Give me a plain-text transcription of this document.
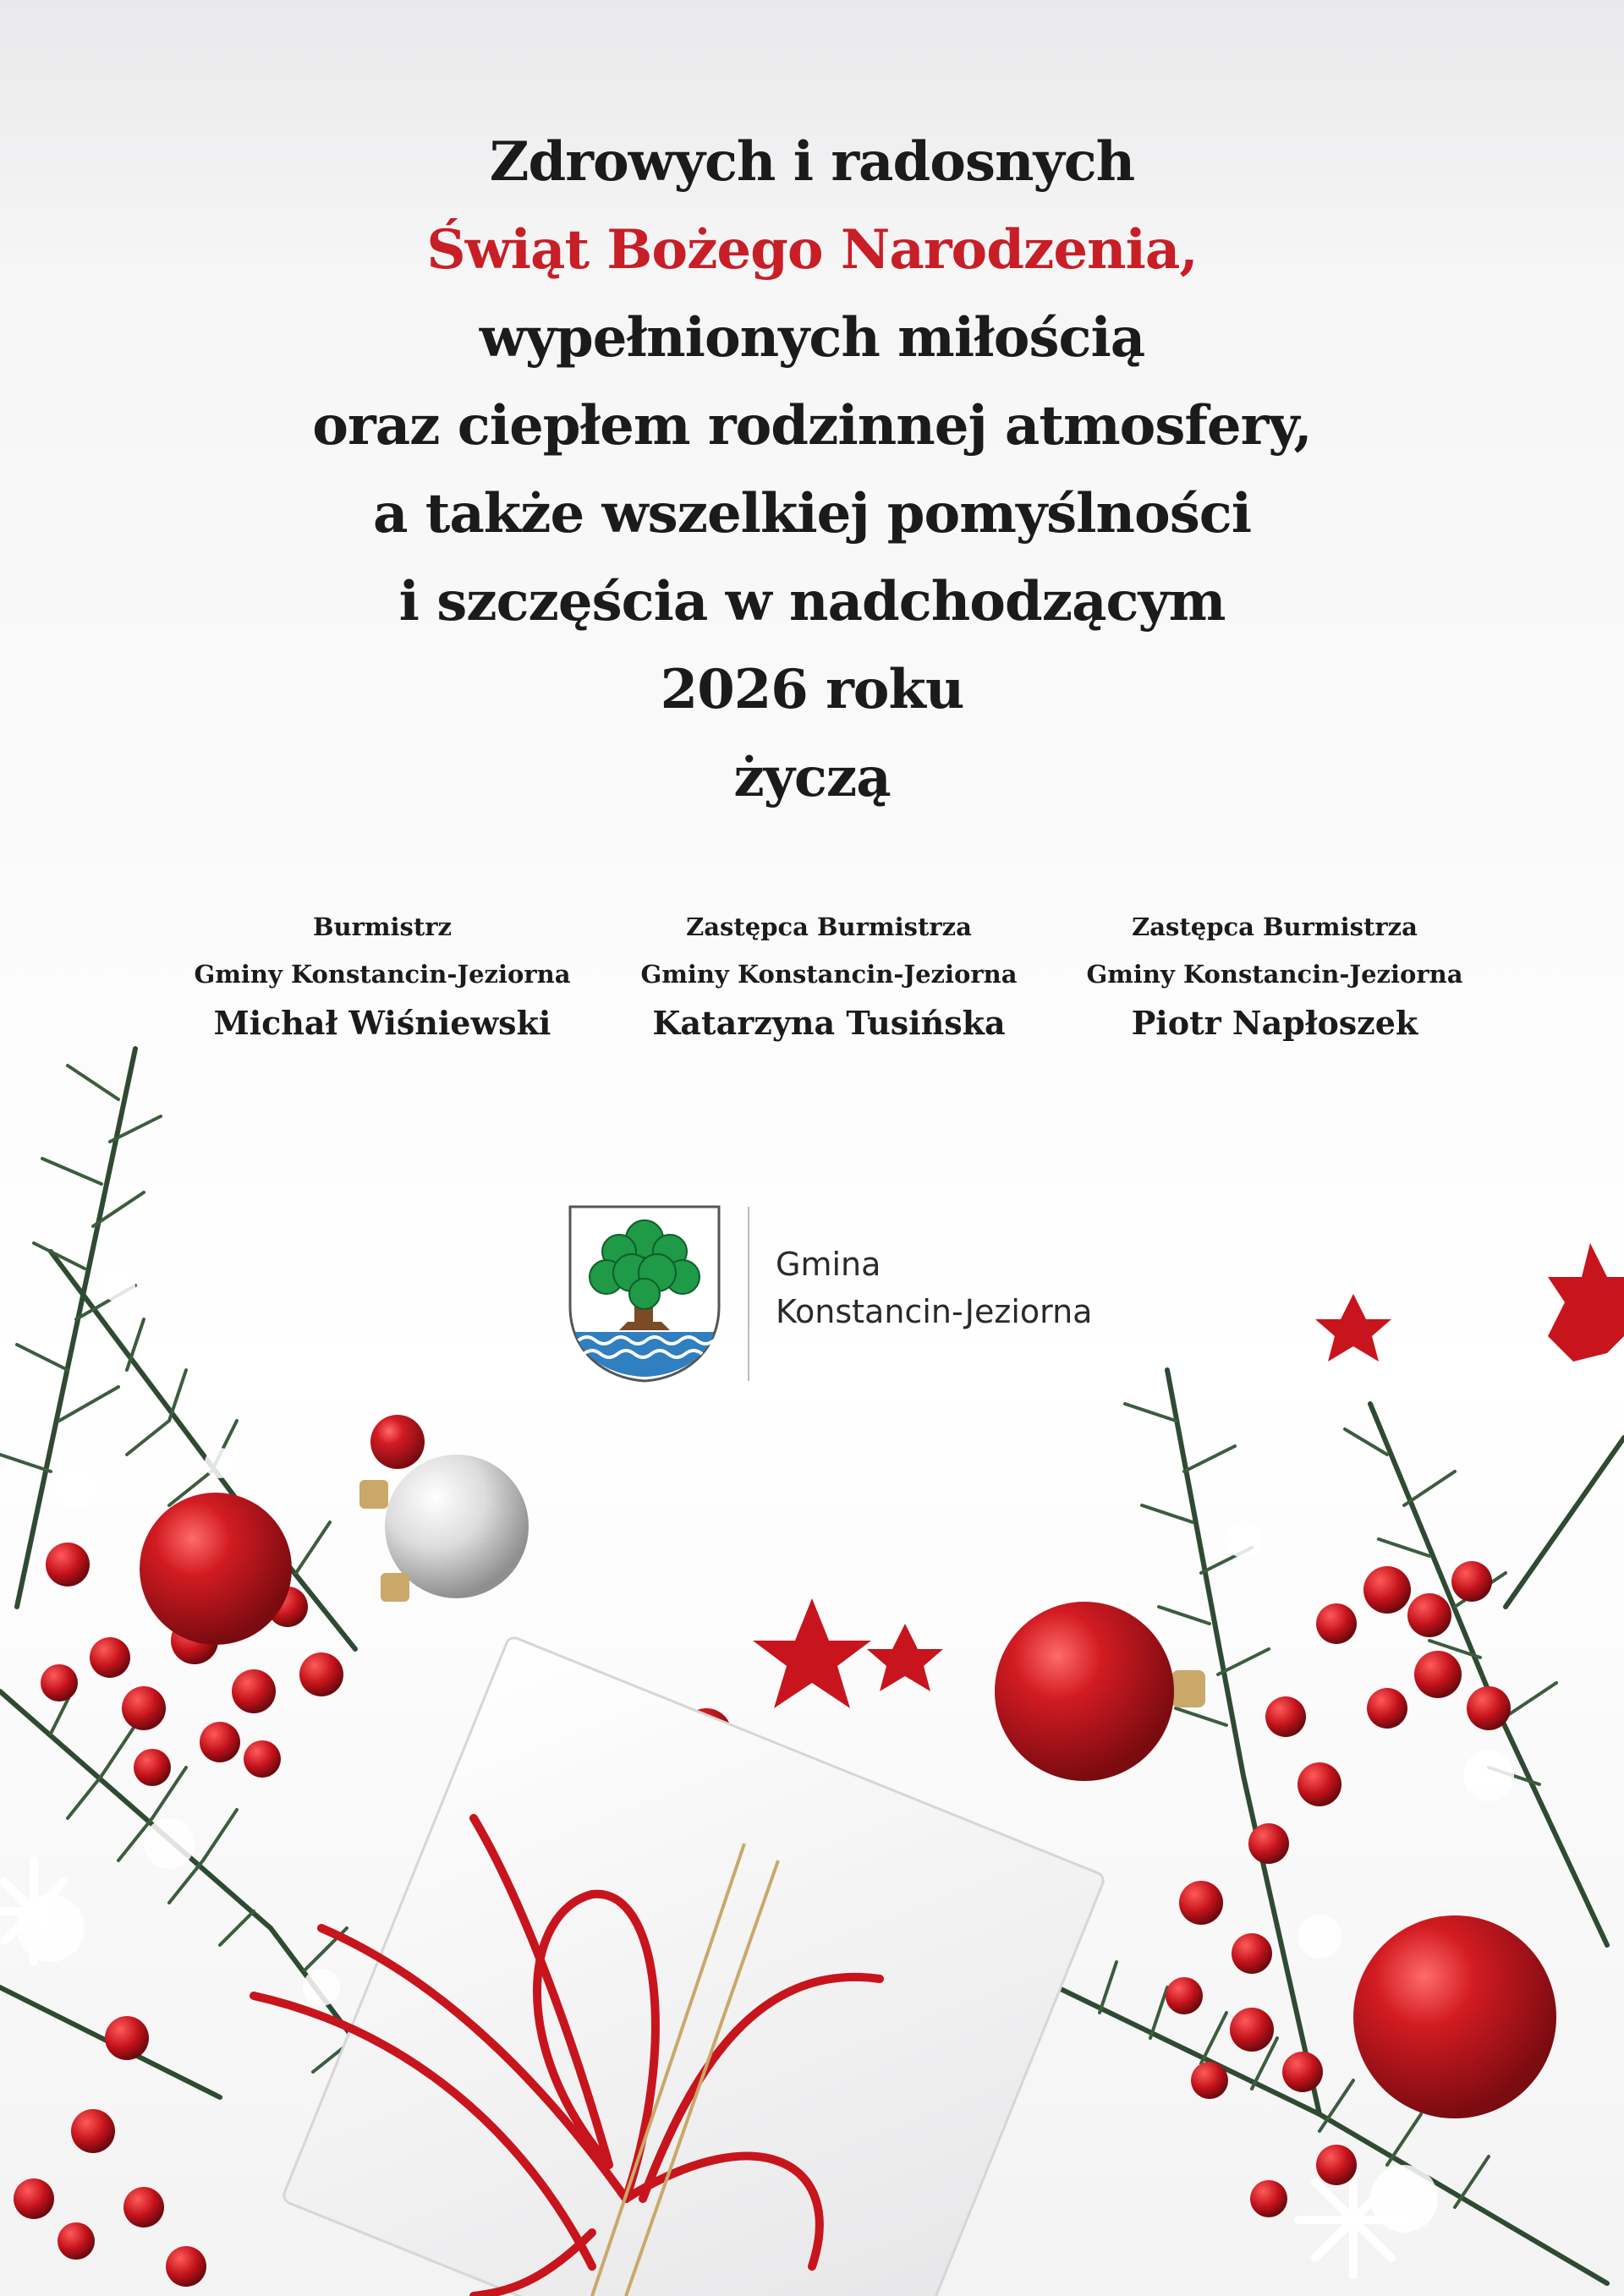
Zdrowych i radosnych
Świąt Bożego Narodzenia,
wypełnionych miłością
oraz ciepłem rodzinnej atmosfery,
a także wszelkiej pomyślności
i szczęścia w nadchodzącym
2026 roku
życzą
Burmistrz
Gminy Konstancin-Jeziorna
Michał Wiśniewski
Zastępca Burmistrza
Gminy Konstancin-Jeziorna
Katarzyna Tusińska
Zastępca Burmistrza
Gminy Konstancin-Jeziorna
Piotr Napłoszek
Gmina
Konstancin-Jeziorna
